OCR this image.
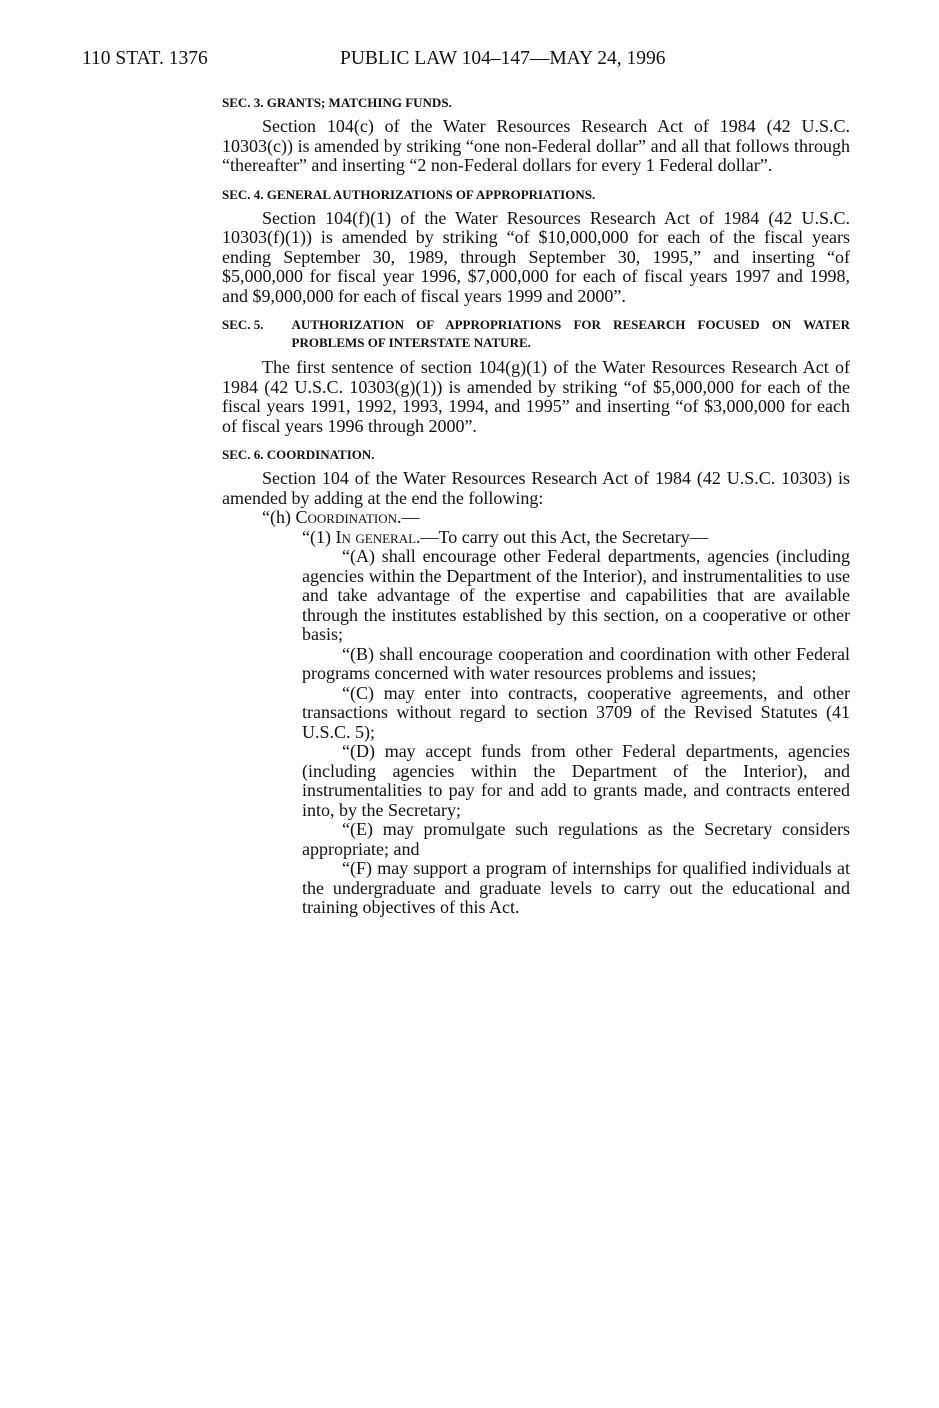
110 STAT. 1376	PUBLIC LAW 104–147—MAY 24, 1996
SEC. 3. GRANTS; MATCHING FUNDS.

Section 104(c) of the Water Resources Research Act of 1984 (42 U.S.C. 10303(c)) is amended by striking “one non-Federal dollar” and all that follows through “thereafter” and inserting “2 non-Federal dollars for every 1 Federal dollar”.

SEC. 4. GENERAL AUTHORIZATIONS OF APPROPRIATIONS.

Section 104(f)(1) of the Water Resources Research Act of 1984 (42 U.S.C. 10303(f)(1)) is amended by striking “of $10,000,000 for each of the fiscal years ending September 30, 1989, through September 30, 1995,” and inserting “of $5,000,000 for fiscal year 1996, $7,000,000 for each of fiscal years 1997 and 1998, and $9,000,000 for each of fiscal years 1999 and 2000”.

SEC. 5.	AUTHORIZATION OF APPROPRIATIONS FOR RESEARCH FOCUSED ON WATER PROBLEMS OF INTERSTATE NATURE.

The first sentence of section 104(g)(1) of the Water Resources Research Act of 1984 (42 U.S.C. 10303(g)(1)) is amended by striking “of $5,000,000 for each of the fiscal years 1991, 1992, 1993, 1994, and 1995” and inserting “of $3,000,000 for each of fiscal years 1996 through 2000”.

SEC. 6. COORDINATION.

Section 104 of the Water Resources Research Act of 1984 (42 U.S.C. 10303) is amended by adding at the end the following:

“(h) Coordination.—

“(1) In general.—To carry out this Act, the Secretary—

“(A) shall encourage other Federal departments, agencies (including agencies within the Department of the Interior), and instrumentalities to use and take advantage of the expertise and capabilities that are available through the institutes established by this section, on a cooperative or other basis;

“(B) shall encourage cooperation and coordination with other Federal programs concerned with water resources problems and issues;

“(C) may enter into contracts, cooperative agreements, and other transactions without regard to section 3709 of the Revised Statutes (41 U.S.C. 5);

“(D) may accept funds from other Federal departments, agencies (including agencies within the Department of the Interior), and instrumentalities to pay for and add to grants made, and contracts entered into, by the Secretary;

“(E) may promulgate such regulations as the Secretary considers appropriate; and

“(F) may support a program of internships for qualified individuals at the undergraduate and graduate levels to carry out the educational and training objectives of this Act.
